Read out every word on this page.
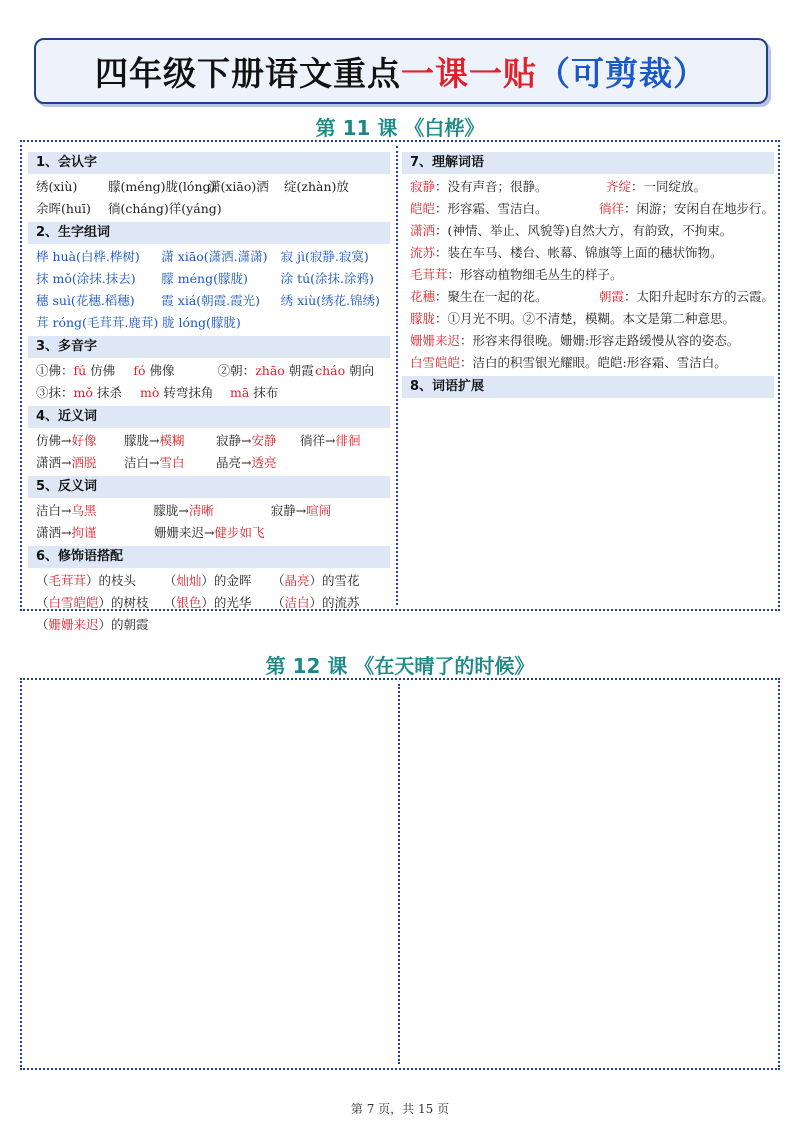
四年级下册语文重点 一课一贴 （可剪裁）
第 11 课 《白桦》
1、会认字
绣(xiù)	朦(méng)胧(lóng)
潇(xiāo)洒	绽(zhàn)放
余晖(huī)	徜(cháng)徉(yáng)
2、生字组词
桦 huà(白桦.桦树)	潇 xiāo(潇洒.潇潇)	寂 jì(寂静.寂寞)
抹 mǒ(涂抹.抹去)	朦 méng(朦胧)	涂 tú(涂抹.涂鸦)
穗 suì(花穗.稻穗)	霞 xiá(朝霞.霞光)	绣 xiù(绣花.锦绣)
茸 róng(毛茸茸.鹿茸) 胧 lóng(朦胧)
3、多音字
①佛：fú 仿佛	fó 佛像	②朝：zhāo 朝霞 cháo 朝向
③抹：mǒ 抹杀	mò 转弯抹角	mā 抹布
4、近义词
仿佛→好像	朦胧→模糊	寂静→安静	徜徉→徘徊
潇洒→洒脱	洁白→雪白	晶亮→透亮
5、反义词
洁白→乌黑	朦胧→清晰	寂静→喧闹
潇洒→拘谨	姗姗来迟→健步如飞
6、修饰语搭配
（毛茸茸）的枝头	（灿灿）的金晖	（晶亮）的雪花
（白雪皑皑）的树枝	（银色）的光华	（洁白）的流苏
（姗姗来迟）的朝霞
7、理解词语
寂静：没有声音；很静。	齐绽：一同绽放。
皑皑：形容霜、雪洁白。	徜徉：闲游；安闲自在地步行。
潇洒：(神情、举止、风貌等)自然大方，有韵致，不拘束。
流苏：装在车马、楼台、帐幕、锦旗等上面的穗状饰物。
毛茸茸：形容动植物细毛丛生的样子。
花穗：聚生在一起的花。	朝霞：太阳升起时东方的云霞。
朦胧：①月光不明。②不清楚，模糊。本文是第二种意思。
姗姗来迟：形容来得很晚。姗姗:形容走路缓慢从容的姿态。
白雪皑皑：洁白的积雪银光耀眼。皑皑:形容霜、雪洁白。
8、词语扩展
第 12 课 《在天晴了的时候》
第 7 页，共 15 页
